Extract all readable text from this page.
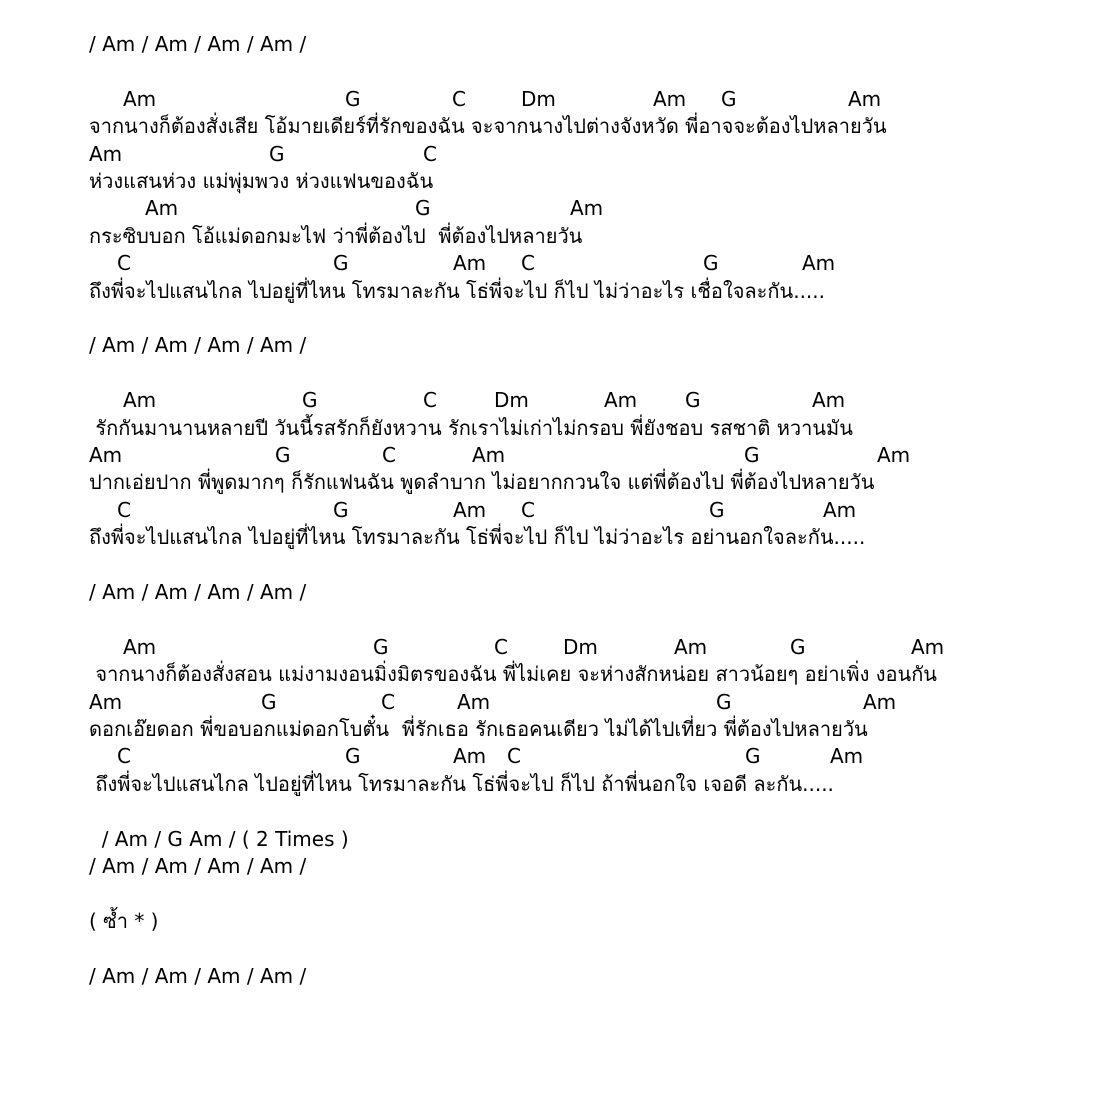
/ Am / Am / Am / Am /
Am	G	C	Dm	Am G	Am
จากนางก็ต้องสั่งเสีย โอ้มายเดียร์ที่รักของฉัน จะจากนางไปต่างจังหวัด พี่อาจจะต้องไปหลายวัน
Am	G	C
ห่วงแสนห่วง แม่พุ่มพวง ห่วงแฟนของฉัน
Am	G	Am
กระซิบบอก โอ้แม่ดอกมะไฟ ว่าพี่ต้องไป  พี่ต้องไปหลายวัน
C	G	Am C	G	Am
ถึงพี่จะไปแสนไกล ไปอยู่ที่ไหน โทรมาละกัน โธ่พี่จะไป ก็ไป ไม่ว่าอะไร เชื่อใจละกัน.....
/ Am / Am / Am / Am /
Am	G	C	Dm	Am G	Am
รักกันมานานหลายปี วันนี้รสรักก็ยังหวาน รักเราไม่เก่าไม่กรอบ พี่ยังชอบ รสชาติ หวานมัน
Am	G	C	Am	G	Am
ปากเอ่ยปาก พี่พูดมากๆ ก็รักแฟนฉัน พูดลำบาก ไม่อยากกวนใจ แต่พี่ต้องไป พี่ต้องไปหลายวัน
C	G	Am C	G	Am
ถึงพี่จะไปแสนไกล ไปอยู่ที่ไหน โทรมาละกัน โธ่พี่จะไป ก็ไป ไม่ว่าอะไร อย่านอกใจละกัน.....
/ Am / Am / Am / Am /
Am	G	C	Dm	Am	G	Am
จากนางก็ต้องสั่งสอน แม่งามงอนมิ่งมิตรของฉัน พี่ไม่เคย จะห่างสักหน่อย สาวน้อยๆ อย่าเพิ่ง งอนกัน
Am	G	C	Am	G	Am
ดอกเอ๊ยดอก พี่ขอบอกแม่ดอกโบตั๋น  พี่รักเธอ รักเธอคนเดียว ไม่ได้ไปเที่ยว พี่ต้องไปหลายวัน
C	G	Am C	G	Am
ถึงพี่จะไปแสนไกล ไปอยู่ที่ไหน โทรมาละกัน โธ่พี่จะไป ก็ไป ถ้าพี่นอกใจ เจอดี ละกัน.....
/ Am / G Am / ( 2 Times )
/ Am / Am / Am / Am /
( ซ้ำ * )
/ Am / Am / Am / Am /
